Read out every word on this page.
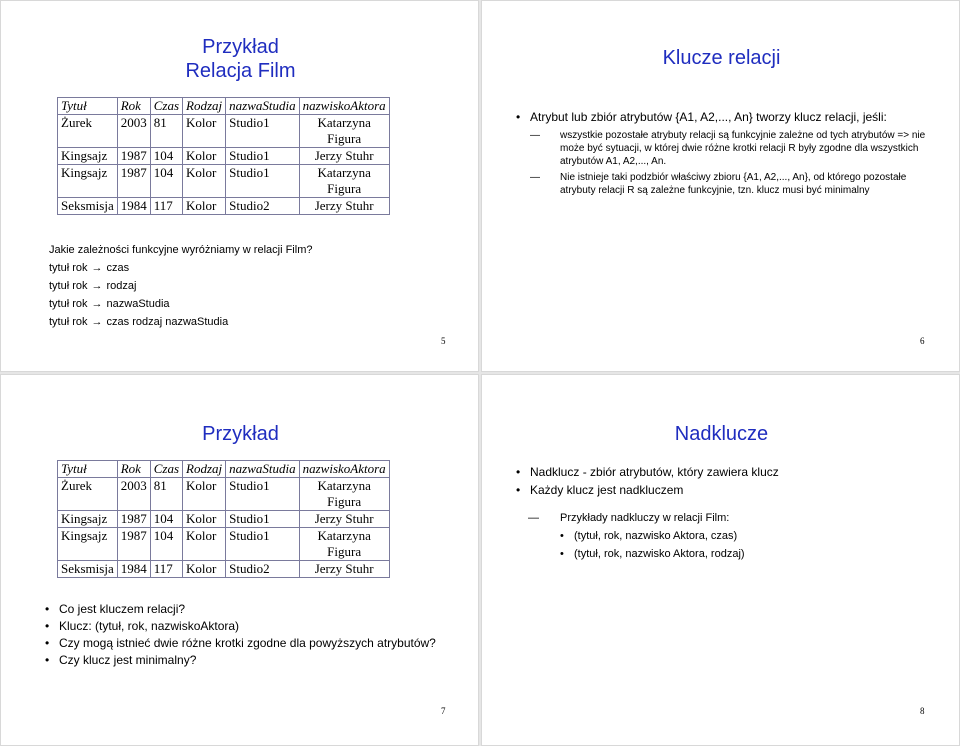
Przykład
Relacja Film
Tytuł	Rok	Czas	Rodzaj	nazwaStudia	nazwiskoAktora
Żurek	2003	81	Kolor	Studio1	Katarzyna Figura
Kingsajz	1987	104	Kolor	Studio1	Jerzy Stuhr
Kingsajz	1987	104	Kolor	Studio1	Katarzyna Figura
Seksmisja	1984	117	Kolor	Studio2	Jerzy Stuhr
Jakie zależności funkcyjne wyróżniamy w relacji Film?
tytuł rok → czas
tytuł rok → rodzaj
tytuł rok → nazwaStudia
tytuł rok → czas rodzaj nazwaStudia
5
Klucze relacji
• Atrybut lub zbiór atrybutów {A1, A2,..., An} tworzy klucz relacji, jeśli:
— wszystkie pozostałe atrybuty relacji są funkcyjnie zależne od tych atrybutów => nie może być sytuacji, w której dwie różne krotki relacji R były zgodne dla wszystkich atrybutów A1, A2,..., An.
— Nie istnieje taki podzbiór właściwy zbioru {A1, A2,..., An}, od którego pozostałe atrybuty relacji R są zależne funkcyjnie, tzn. klucz musi być minimalny
6
Przykład
Tytuł	Rok	Czas	Rodzaj	nazwaStudia	nazwiskoAktora
Żurek	2003	81	Kolor	Studio1	Katarzyna Figura
Kingsajz	1987	104	Kolor	Studio1	Jerzy Stuhr
Kingsajz	1987	104	Kolor	Studio1	Katarzyna Figura
Seksmisja	1984	117	Kolor	Studio2	Jerzy Stuhr
• Co jest kluczem relacji?
• Klucz: (tytuł, rok, nazwiskoAktora)
• Czy mogą istnieć dwie różne krotki zgodne dla powyższych atrybutów?
• Czy klucz jest minimalny?
7
Nadklucze
• Nadklucz - zbiór atrybutów, który zawiera klucz
• Każdy klucz jest nadkluczem
— Przykłady nadkluczy w relacji Film:
• (tytuł, rok, nazwisko Aktora, czas)
• (tytuł, rok, nazwisko Aktora, rodzaj)
8
